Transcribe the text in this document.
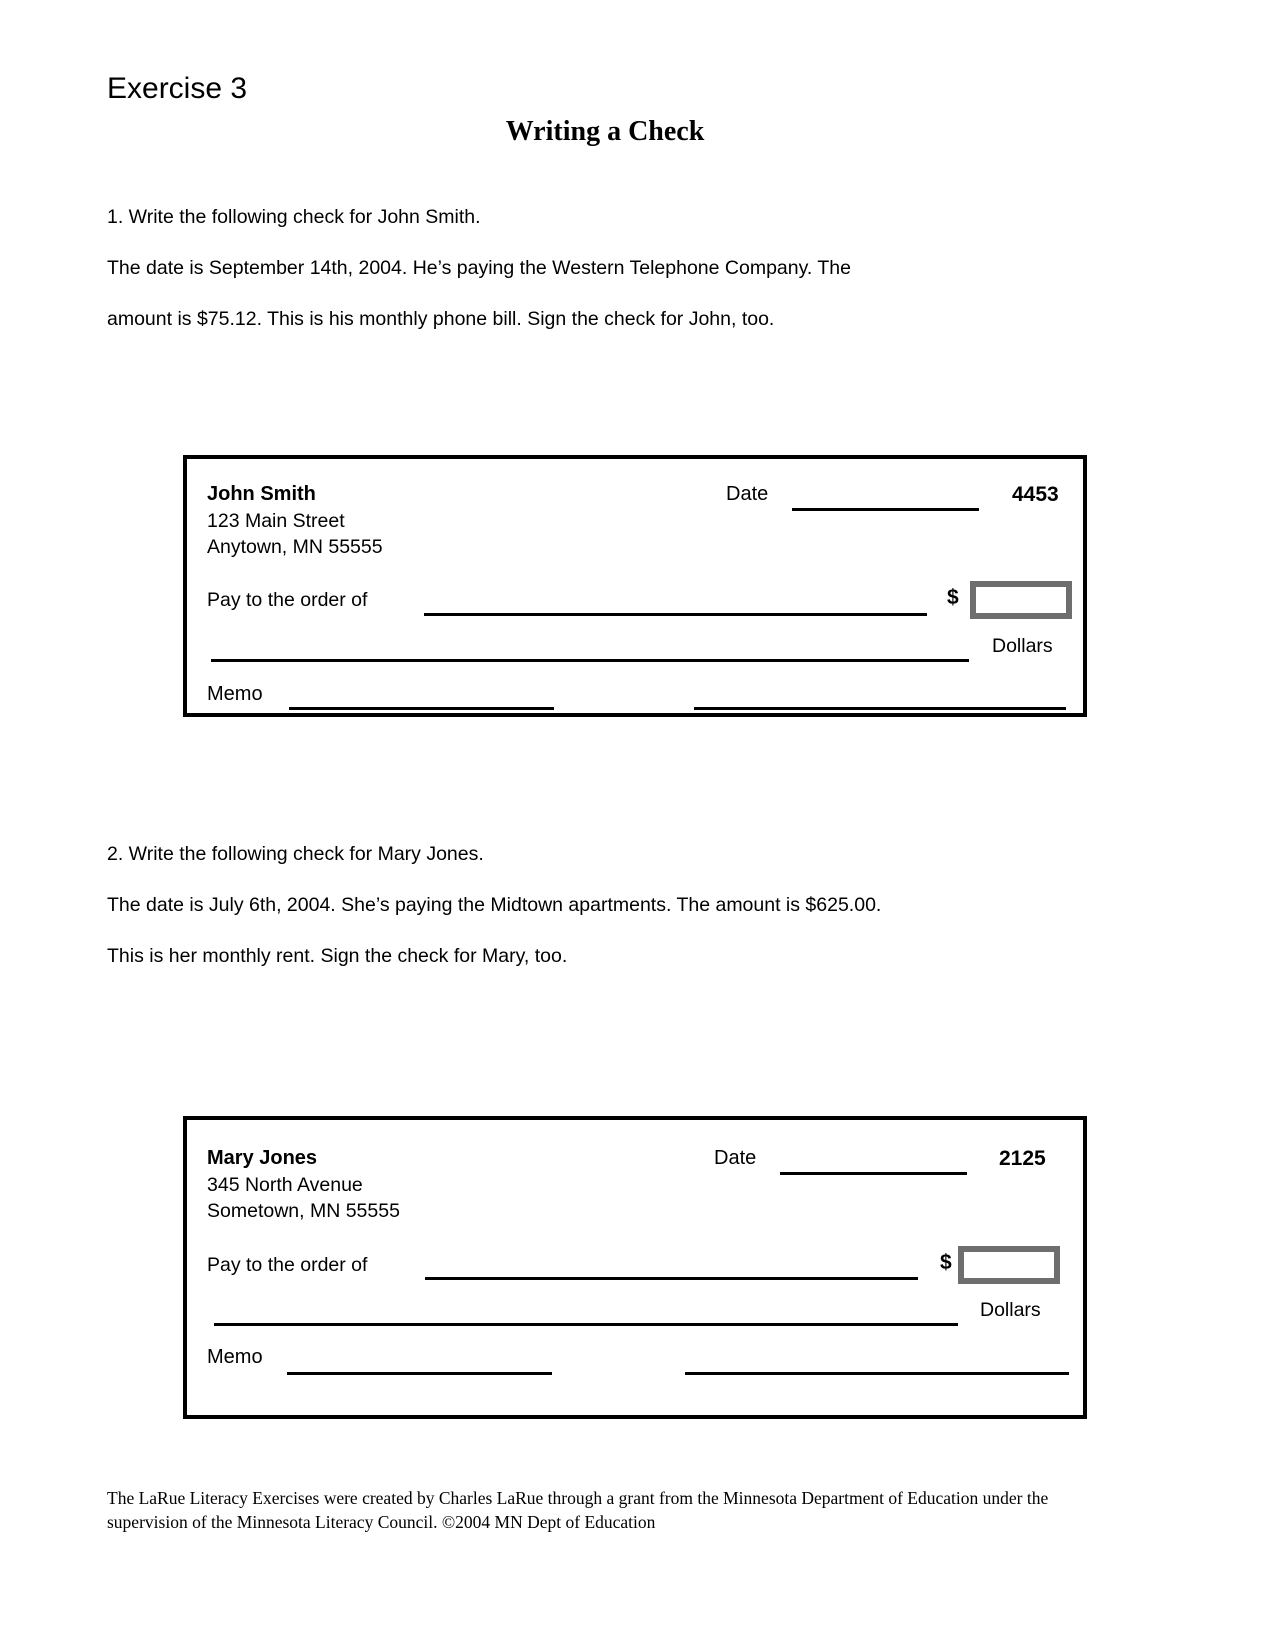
Exercise 3
Writing a Check
1. Write the following check for John Smith.
The date is September 14th, 2004. He’s paying the Western Telephone Company. The
amount is $75.12. This is his monthly phone bill. Sign the check for John, too.
John Smith
123 Main Street
Anytown, MN 55555
Date	4453
Pay to the order of	$
Dollars
Memo
2. Write the following check for Mary Jones.
The date is July 6th, 2004. She’s paying the Midtown apartments. The amount is $625.00.
This is her monthly rent. Sign the check for Mary, too.
Mary Jones
345 North Avenue
Sometown, MN 55555
Date	2125
Pay to the order of	$
Dollars
Memo
The LaRue Literacy Exercises were created by Charles LaRue through a grant from the Minnesota Department of Education under the
supervision of the Minnesota Literacy Council. ©2004 MN Dept of Education
